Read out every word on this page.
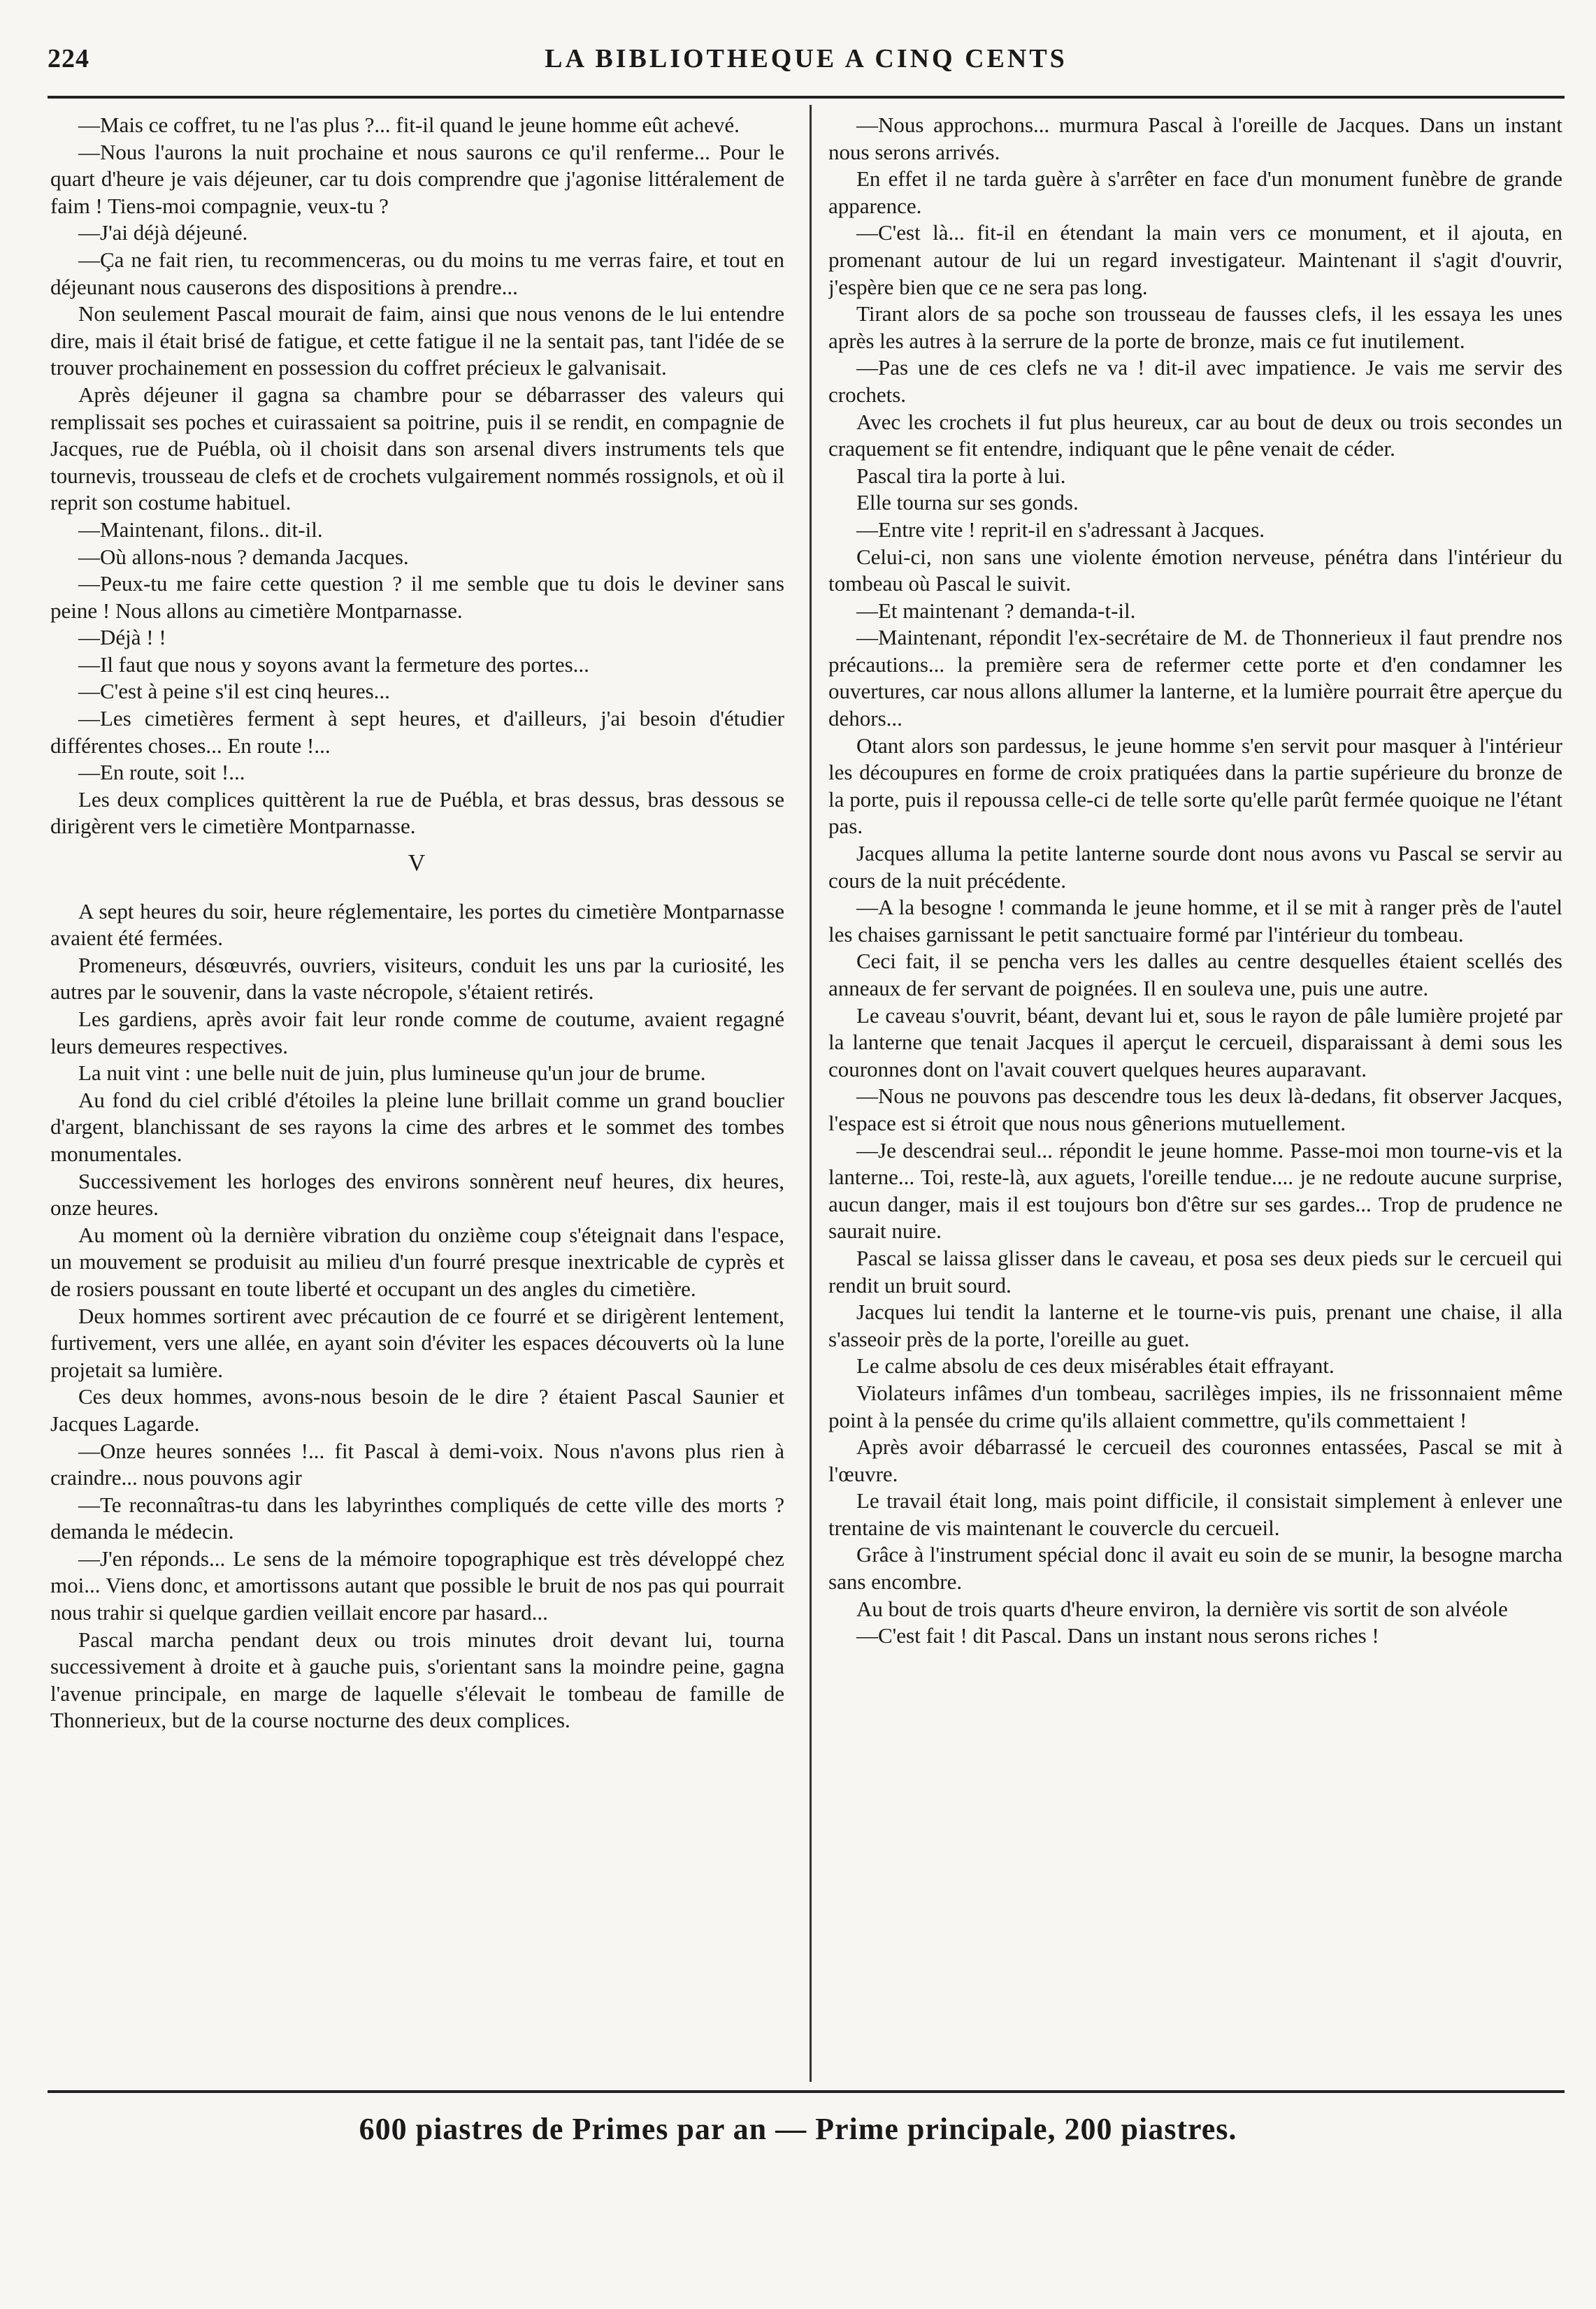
224	LA BIBLIOTHEQUE A CINQ CENTS

—Mais ce coffret, tu ne l'as plus ?... fit-il quand le jeune homme eût achevé.

—Nous l'aurons la nuit prochaine et nous saurons ce qu'il renferme... Pour le quart d'heure je vais déjeuner, car tu dois comprendre que j'agonise littéralement de faim ! Tiens-moi compagnie, veux-tu ?

—J'ai déjà déjeuné.

—Ça ne fait rien, tu recommenceras, ou du moins tu me verras faire, et tout en déjeunant nous causerons des dispositions à prendre...

Non seulement Pascal mourait de faim, ainsi que nous venons de le lui entendre dire, mais il était brisé de fatigue, et cette fatigue il ne la sentait pas, tant l'idée de se trouver prochainement en possession du coffret précieux le galvanisait.

Après déjeuner il gagna sa chambre pour se débarrasser des valeurs qui remplissait ses poches et cuirassaient sa poitrine, puis il se rendit, en compagnie de Jacques, rue de Puébla, où il choisit dans son arsenal divers instruments tels que tournevis, trousseau de clefs et de crochets vulgairement nommés rossignols, et où il reprit son costume habituel.

—Maintenant, filons.. dit-il.

—Où allons-nous ? demanda Jacques.

—Peux-tu me faire cette question ? il me semble que tu dois le deviner sans peine ! Nous allons au cimetière Montparnasse.

—Déjà ! !

—Il faut que nous y soyons avant la fermeture des portes...

—C'est à peine s'il est cinq heures...

—Les cimetières ferment à sept heures, et d'ailleurs, j'ai besoin d'étudier différentes choses... En route !...

—En route, soit !...

Les deux complices quittèrent la rue de Puébla, et bras dessus, bras dessous se dirigèrent vers le cimetière Montparnasse.

V

A sept heures du soir, heure réglementaire, les portes du cimetière Montparnasse avaient été fermées.

Promeneurs, désœuvrés, ouvriers, visiteurs, conduit les uns par la curiosité, les autres par le souvenir, dans la vaste nécropole, s'étaient retirés.

Les gardiens, après avoir fait leur ronde comme de coutume, avaient regagné leurs demeures respectives.

La nuit vint : une belle nuit de juin, plus lumineuse qu'un jour de brume.

Au fond du ciel criblé d'étoiles la pleine lune brillait comme un grand bouclier d'argent, blanchissant de ses rayons la cime des arbres et le sommet des tombes monumentales.

Successivement les horloges des environs sonnèrent neuf heures, dix heures, onze heures.

Au moment où la dernière vibration du onzième coup s'éteignait dans l'espace, un mouvement se produisit au milieu d'un fourré presque inextricable de cyprès et de rosiers poussant en toute liberté et occupant un des angles du cimetière.

Deux hommes sortirent avec précaution de ce fourré et se dirigèrent lentement, furtivement, vers une allée, en ayant soin d'éviter les espaces découverts où la lune projetait sa lumière.

Ces deux hommes, avons-nous besoin de le dire ? étaient Pascal Saunier et Jacques Lagarde.

—Onze heures sonnées !... fit Pascal à demi-voix. Nous n'avons plus rien à craindre... nous pouvons agir

—Te reconnaîtras-tu dans les labyrinthes compliqués de cette ville des morts ? demanda le médecin.

—J'en réponds... Le sens de la mémoire topographique est très développé chez moi... Viens donc, et amortissons autant que possible le bruit de nos pas qui pourrait nous trahir si quelque gardien veillait encore par hasard...

Pascal marcha pendant deux ou trois minutes droit devant lui, tourna successivement à droite et à gauche puis, s'orientant sans la moindre peine, gagna l'avenue principale, en marge de laquelle s'élevait le tombeau de famille de Thonnerieux, but de la course nocturne des deux complices.

—Nous approchons... murmura Pascal à l'oreille de Jacques. Dans un instant nous serons arrivés.

En effet il ne tarda guère à s'arrêter en face d'un monument funèbre de grande apparence.

—C'est là... fit-il en étendant la main vers ce monument, et il ajouta, en promenant autour de lui un regard investigateur. Maintenant il s'agit d'ouvrir, j'espère bien que ce ne sera pas long.

Tirant alors de sa poche son trousseau de fausses clefs, il les essaya les unes après les autres à la serrure de la porte de bronze, mais ce fut inutilement.

—Pas une de ces clefs ne va ! dit-il avec impatience. Je vais me servir des crochets.

Avec les crochets il fut plus heureux, car au bout de deux ou trois secondes un craquement se fit entendre, indiquant que le pêne venait de céder.

Pascal tira la porte à lui.

Elle tourna sur ses gonds.

—Entre vite ! reprit-il en s'adressant à Jacques.

Celui-ci, non sans une violente émotion nerveuse, pénétra dans l'intérieur du tombeau où Pascal le suivit.

—Et maintenant ? demanda-t-il.

—Maintenant, répondit l'ex-secrétaire de M. de Thonnerieux il faut prendre nos précautions... la première sera de refermer cette porte et d'en condamner les ouvertures, car nous allons allumer la lanterne, et la lumière pourrait être aperçue du dehors...

Otant alors son pardessus, le jeune homme s'en servit pour masquer à l'intérieur les découpures en forme de croix pratiquées dans la partie supérieure du bronze de la porte, puis il repoussa celle-ci de telle sorte qu'elle parût fermée quoique ne l'étant pas.

Jacques alluma la petite lanterne sourde dont nous avons vu Pascal se servir au cours de la nuit précédente.

—A la besogne ! commanda le jeune homme, et il se mit à ranger près de l'autel les chaises garnissant le petit sanctuaire formé par l'intérieur du tombeau.

Ceci fait, il se pencha vers les dalles au centre desquelles étaient scellés des anneaux de fer servant de poignées. Il en souleva une, puis une autre.

Le caveau s'ouvrit, béant, devant lui et, sous le rayon de pâle lumière projeté par la lanterne que tenait Jacques il aperçut le cercueil, disparaissant à demi sous les couronnes dont on l'avait couvert quelques heures auparavant.

—Nous ne pouvons pas descendre tous les deux là-dedans, fit observer Jacques, l'espace est si étroit que nous nous gênerions mutuellement.

—Je descendrai seul... répondit le jeune homme. Passe-moi mon tourne-vis et la lanterne... Toi, reste-là, aux aguets, l'oreille tendue.... je ne redoute aucune surprise, aucun danger, mais il est toujours bon d'être sur ses gardes... Trop de prudence ne saurait nuire.

Pascal se laissa glisser dans le caveau, et posa ses deux pieds sur le cercueil qui rendit un bruit sourd.

Jacques lui tendit la lanterne et le tourne-vis puis, prenant une chaise, il alla s'asseoir près de la porte, l'oreille au guet.

Le calme absolu de ces deux misérables était effrayant.

Violateurs infâmes d'un tombeau, sacrilèges impies, ils ne frissonnaient même point à la pensée du crime qu'ils allaient commettre, qu'ils commettaient !

Après avoir débarrassé le cercueil des couronnes entassées, Pascal se mit à l'œuvre.

Le travail était long, mais point difficile, il consistait simplement à enlever une trentaine de vis maintenant le couvercle du cercueil.

Grâce à l'instrument spécial donc il avait eu soin de se munir, la besogne marcha sans encombre.

Au bout de trois quarts d'heure environ, la dernière vis sortit de son alvéole

—C'est fait ! dit Pascal. Dans un instant nous serons riches !

600 piastres de Primes par an — Prime principale, 200 piastres.
